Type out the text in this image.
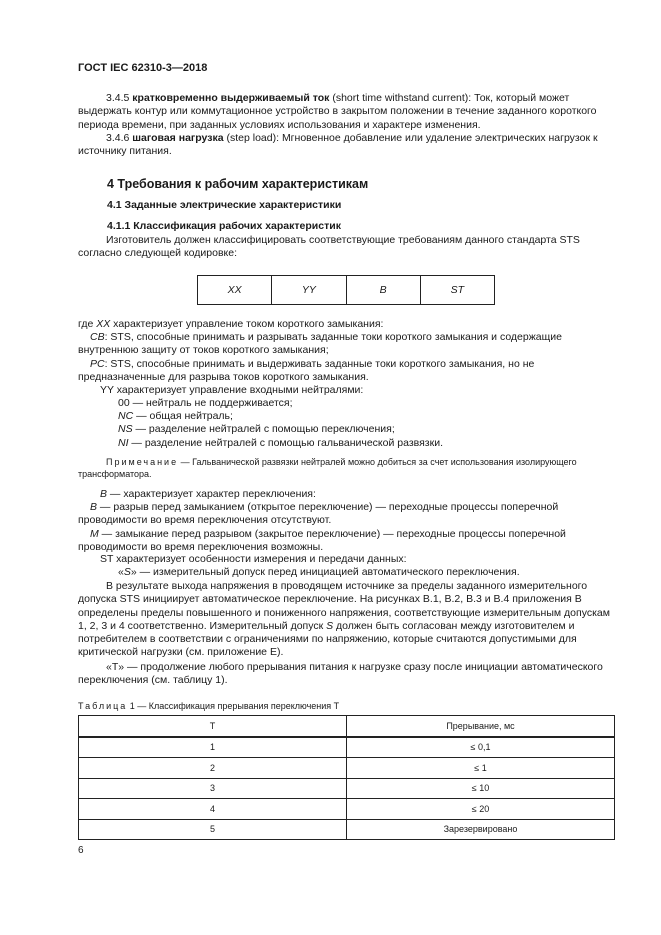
ГОСТ IEC 62310-3—2018
3.4.5 кратковременно выдерживаемый ток (short time withstand current): Ток, который может выдержать контур или коммутационное устройство в закрытом положении в течение заданного короткого периода времени, при заданных условиях использования и характере изменения.
3.4.6 шаговая нагрузка (step load): Мгновенное добавление или удаление электрических нагрузок к источнику питания.
4 Требования к рабочим характеристикам
4.1 Заданные электрические характеристики
4.1.1 Классификация рабочих характеристик
Изготовитель должен классифицировать соответствующие требованиям данного стандарта STS согласно следующей кодировке:
XX	YY	B	ST
где XX характеризует управление током короткого замыкания:
CB: STS, способные принимать и разрывать заданные токи короткого замыкания и содержащие внутреннюю защиту от токов короткого замыкания;
PC: STS, способные принимать и выдерживать заданные токи короткого замыкания, но не предназначенные для разрыва токов короткого замыкания.
YY характеризует управление входными нейтралями:
00 — нейтраль не поддерживается;
NC — общая нейтраль;
NS — разделение нейтралей с помощью переключения;
NI — разделение нейтралей с помощью гальванической развязки.
Примечание — Гальванической развязки нейтралей можно добиться за счет использования изолирующего трансформатора.
B — характеризует характер переключения:
B — разрыв перед замыканием (открытое переключение) — переходные процессы поперечной проводимости во время переключения отсутствуют.
M — замыкание перед разрывом (закрытое переключение) — переходные процессы поперечной проводимости во время переключения возможны.
ST характеризует особенности измерения и передачи данных:
«S» — измерительный допуск перед инициацией автоматического переключения.
В результате выхода напряжения в проводящем источнике за пределы заданного измерительного допуска STS инициирует автоматическое переключение. На рисунках В.1, В.2, В.3 и В.4 приложения В определены пределы повышенного и пониженного напряжения, соответствующие измерительным допускам 1, 2, 3 и 4 соответственно. Измерительный допуск S должен быть согласован между изготовителем и потребителем в соответствии с ограничениями по напряжению, которые считаются допустимыми для критической нагрузки (см. приложение Е).
«T» — продолжение любого прерывания питания к нагрузке сразу после инициации автоматического переключения (см. таблицу 1).
Таблица 1 — Классификация прерывания переключения T
T	Прерывание, мс
1	≤ 0,1
2	≤ 1
3	≤ 10
4	≤ 20
5	Зарезервировано
6
